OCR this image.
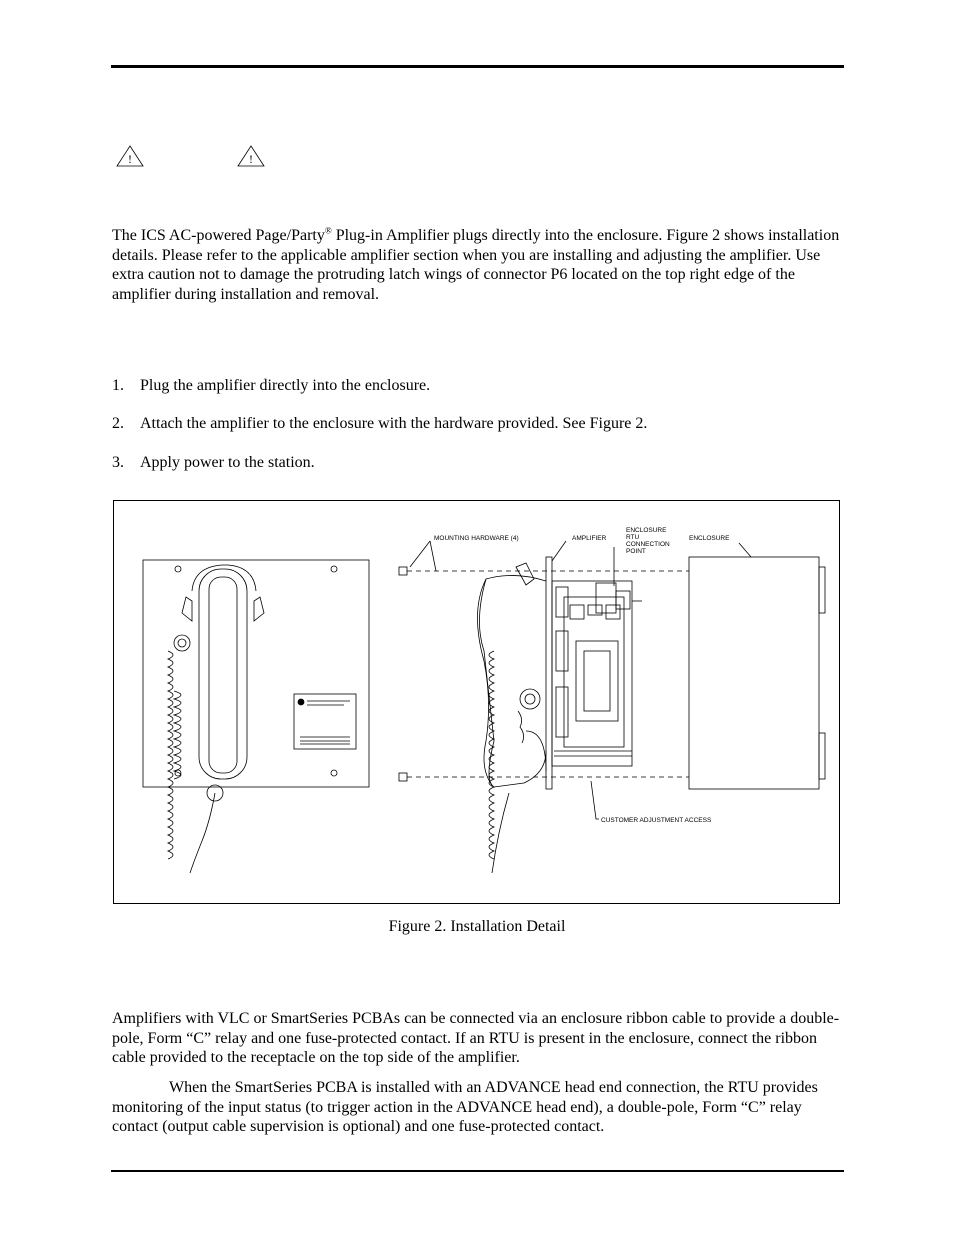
!	!

The ICS AC-powered Page/Party® Plug-in Amplifier plugs directly into the enclosure. Figure 2 shows installation details. Please refer to the applicable amplifier section when you are installing and adjusting the amplifier. Use extra caution not to damage the protruding latch wings of connector P6 located on the top right edge of the amplifier during installation and removal.

1. Plug the amplifier directly into the enclosure.
2. Attach the amplifier to the enclosure with the hardware provided. See Figure 2.
3. Apply power to the station.
MOUNTING HARDWARE (4)	AMPLIFIER
ENCLOSURE
RTU
CONNECTION
POINT
ENCLOSURE
CUSTOMER ADJUSTMENT ACCESS
Figure 2. Installation Detail

Amplifiers with VLC or SmartSeries PCBAs can be connected via an enclosure ribbon cable to provide a double-pole, Form “C” relay and one fuse-protected contact. If an RTU is present in the enclosure, connect the ribbon cable provided to the receptacle on the top side of the amplifier.

When the SmartSeries PCBA is installed with an ADVANCE head end connection, the RTU provides monitoring of the input status (to trigger action in the ADVANCE head end), a double-pole, Form “C” relay contact (output cable supervision is optional) and one fuse-protected contact.
